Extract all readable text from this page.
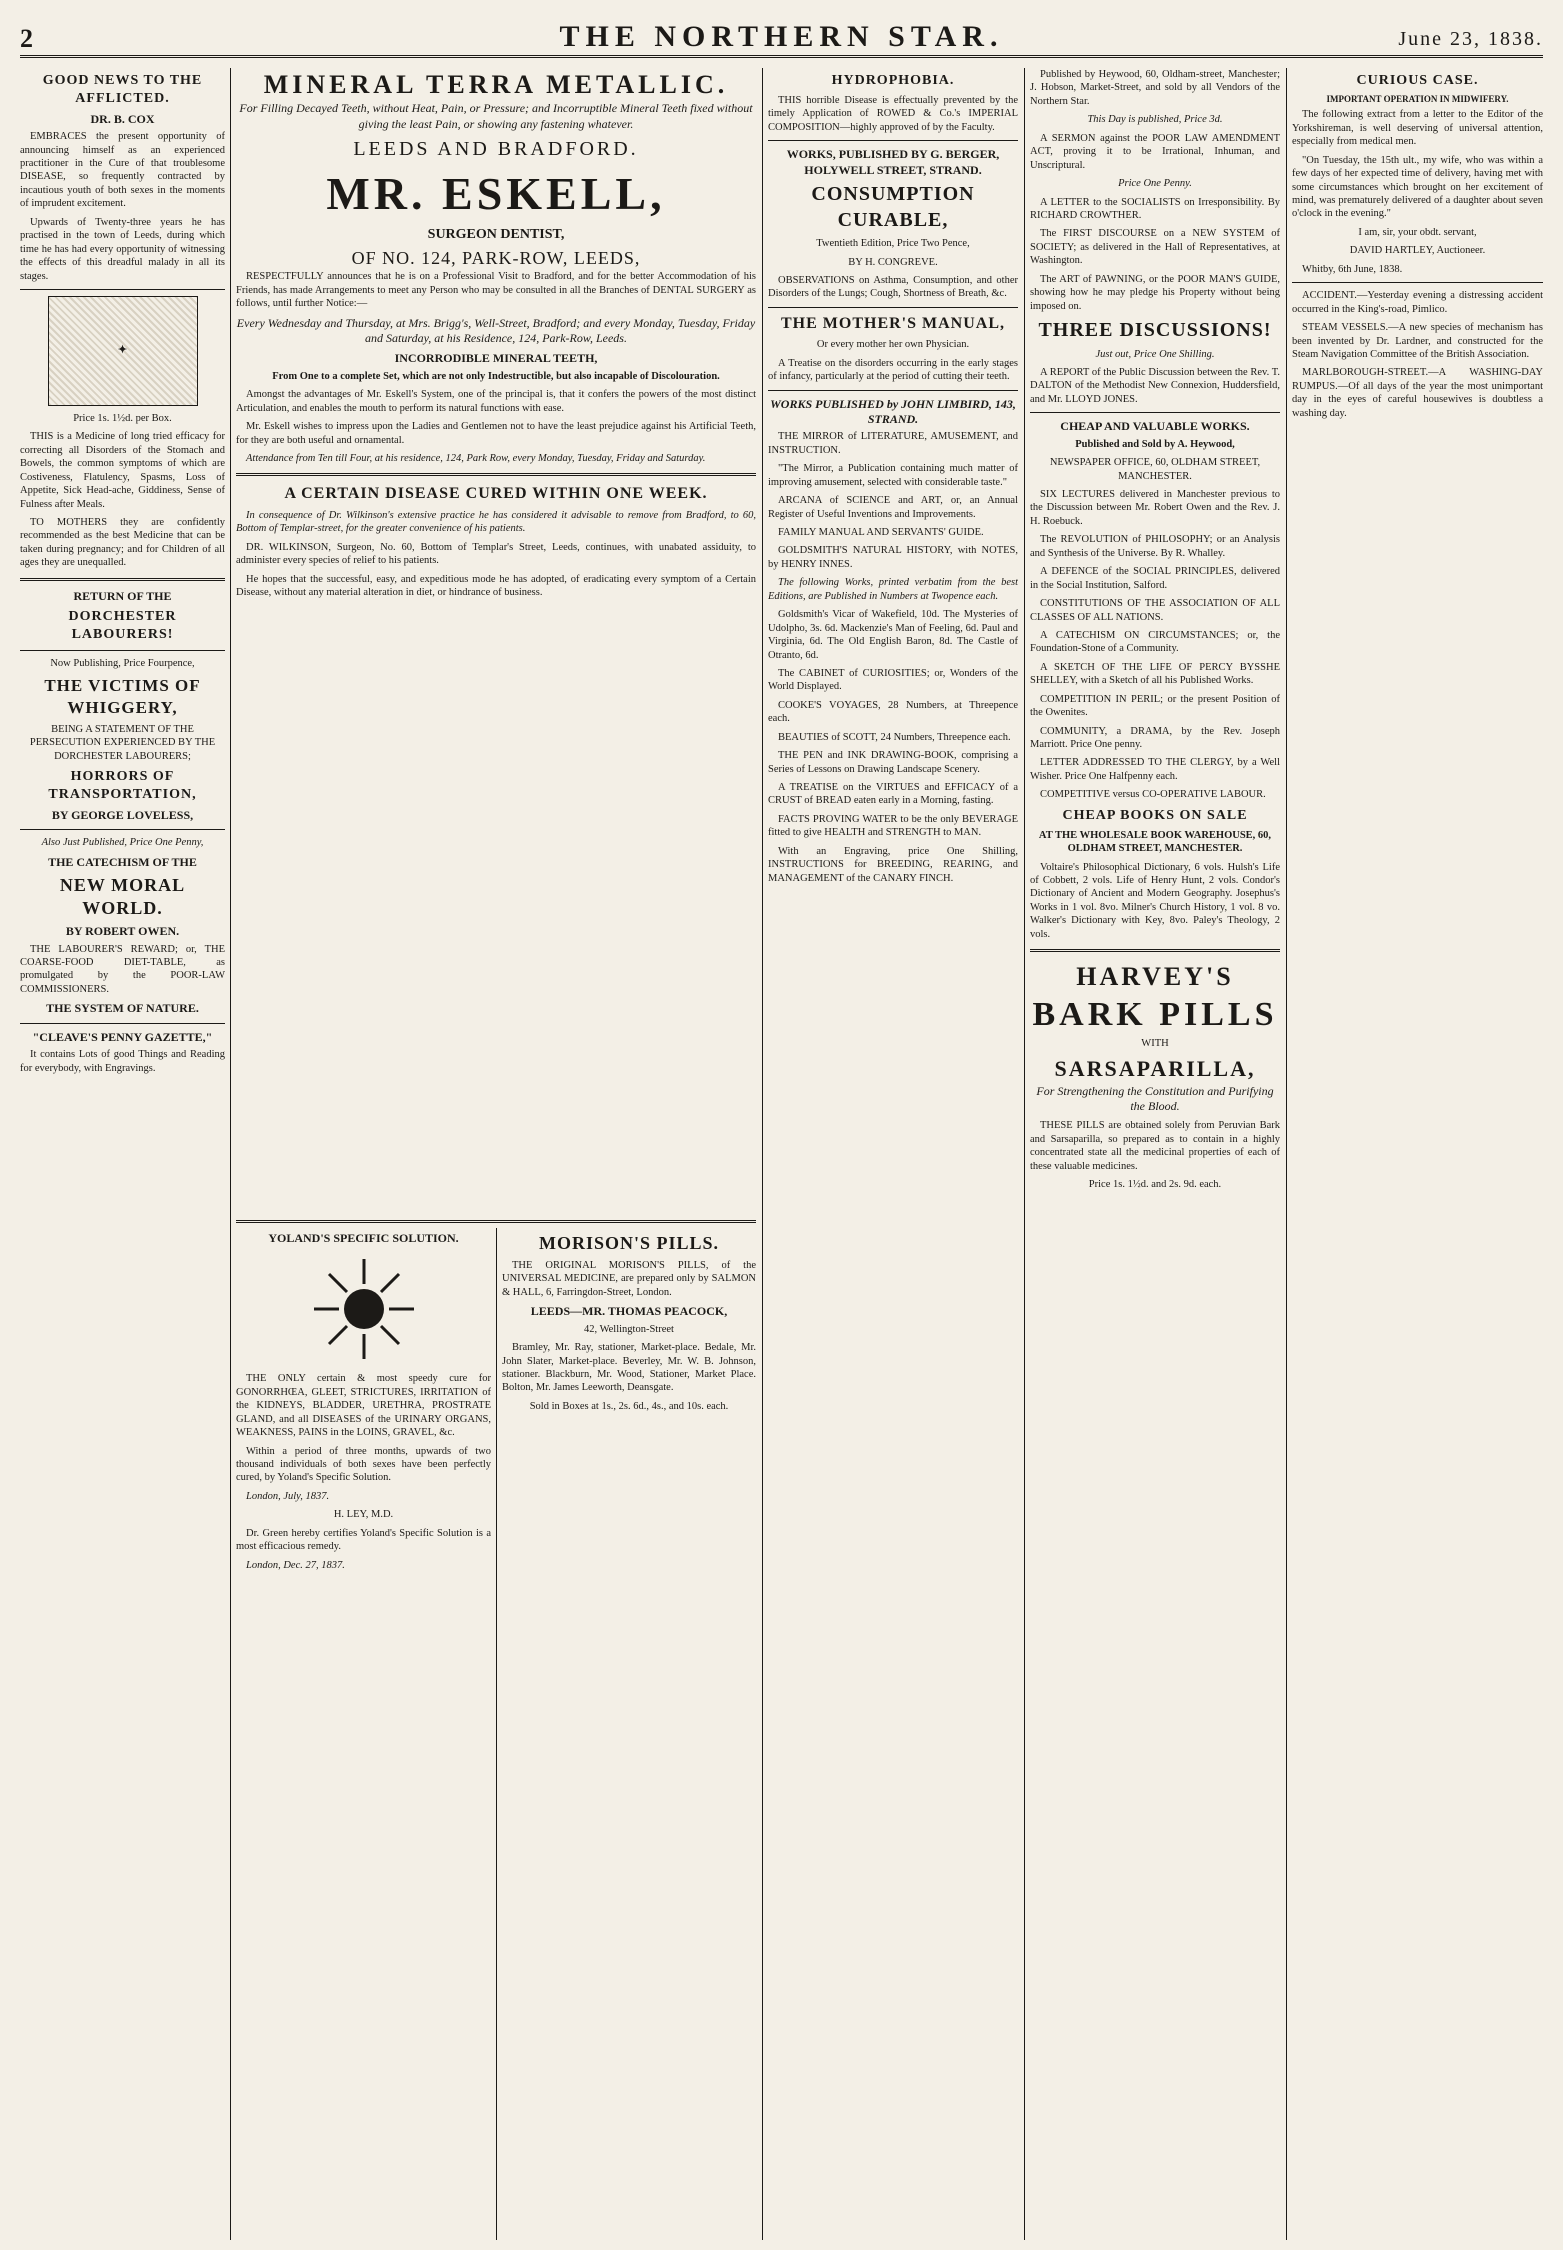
2	THE NORTHERN STAR.	June 23, 1838.
GOOD NEWS TO THE AFFLICTED.
DR. B. COX

EMBRACES the present opportunity of announcing himself as an experienced practitioner in the Cure of that troublesome DISEASE, so frequently contracted by incautious youth of both sexes in the moments of imprudent excitement.

Upwards of Twenty-three years he has practised in the town of Leeds, during which time he has had every opportunity of witnessing the effects of this dreadful malady in all its stages.

✦

Price 1s. 1½d. per Box.

THIS is a Medicine of long tried efficacy for correcting all Disorders of the Stomach and Bowels, the common symptoms of which are Costiveness, Flatulency, Spasms, Loss of Appetite, Sick Head-ache, Giddiness, Sense of Fulness after Meals.

TO MOTHERS they are confidently recommended as the best Medicine that can be taken during pregnancy; and for Children of all ages they are unequalled.

RETURN OF THE
DORCHESTER LABOURERS!

Now Publishing, Price Fourpence,

THE VICTIMS OF WHIGGERY,

BEING A STATEMENT OF THE PERSECUTION EXPERIENCED BY THE DORCHESTER LABOURERS;

HORRORS OF TRANSPORTATION,
BY GEORGE LOVELESS,

Also Just Published, Price One Penny,

THE CATECHISM OF THE
NEW MORAL WORLD.
BY ROBERT OWEN.

THE LABOURER'S REWARD; or, THE COARSE-FOOD DIET-TABLE, as promulgated by the POOR-LAW COMMISSIONERS.

THE SYSTEM OF NATURE.
"CLEAVE'S PENNY GAZETTE,"

It contains Lots of good Things and Reading for everybody, with Engravings.

MINERAL TERRA METALLIC.

For Filling Decayed Teeth, without Heat, Pain, or Pressure; and Incorruptible Mineral Teeth fixed without giving the least Pain, or showing any fastening whatever.

LEEDS AND BRADFORD.
MR. ESKELL,
SURGEON DENTIST,
OF NO. 124, PARK-ROW, LEEDS,

RESPECTFULLY announces that he is on a Professional Visit to Bradford, and for the better Accommodation of his Friends, has made Arrangements to meet any Person who may be consulted in all the Branches of DENTAL SURGERY as follows, until further Notice:—

Every Wednesday and Thursday, at Mrs. Brigg's, Well-Street, Bradford; and every Monday, Tuesday, Friday and Saturday, at his Residence, 124, Park-Row, Leeds.

INCORRODIBLE MINERAL TEETH,

From One to a complete Set, which are not only Indestructible, but also incapable of Discolouration.

Amongst the advantages of Mr. Eskell's System, one of the principal is, that it confers the powers of the most distinct Articulation, and enables the mouth to perform its natural functions with ease.

Mr. Eskell wishes to impress upon the Ladies and Gentlemen not to have the least prejudice against his Artificial Teeth, for they are both useful and ornamental.

Attendance from Ten till Four, at his residence, 124, Park Row, every Monday, Tuesday, Friday and Saturday.

A CERTAIN DISEASE CURED WITHIN ONE WEEK.

In consequence of Dr. Wilkinson's extensive practice he has considered it advisable to remove from Bradford, to 60, Bottom of Templar-street, for the greater convenience of his patients.

DR. WILKINSON, Surgeon, No. 60, Bottom of Templar's Street, Leeds, continues, with unabated assiduity, to administer every species of relief to his patients.

He hopes that the successful, easy, and expeditious mode he has adopted, of eradicating every symptom of a Certain Disease, without any material alteration in diet, or hindrance of business.

YOLAND'S SPECIFIC SOLUTION.

THE ONLY certain & most speedy cure for GONORRHŒA, GLEET, STRICTURES, IRRITATION of the KIDNEYS, BLADDER, URETHRA, PROSTRATE GLAND, and all DISEASES of the URINARY ORGANS, WEAKNESS, PAINS in the LOINS, GRAVEL, &c.

Within a period of three months, upwards of two thousand individuals of both sexes have been perfectly cured, by Yoland's Specific Solution.

London, July, 1837.

H. LEY, M.D.

Dr. Green hereby certifies Yoland's Specific Solution is a most efficacious remedy.

London, Dec. 27, 1837.

MORISON'S PILLS.

THE ORIGINAL MORISON'S PILLS, of the UNIVERSAL MEDICINE, are prepared only by SALMON & HALL, 6, Farringdon-Street, London.

LEEDS—MR. THOMAS PEACOCK,

42, Wellington-Street

Bramley, Mr. Ray, stationer, Market-place. Bedale, Mr. John Slater, Market-place. Beverley, Mr. W. B. Johnson, stationer. Blackburn, Mr. Wood, Stationer, Market Place. Bolton, Mr. James Leeworth, Deansgate.

Sold in Boxes at 1s., 2s. 6d., 4s., and 10s. each.

HYDROPHOBIA.

THIS horrible Disease is effectually prevented by the timely Application of ROWED & Co.'s IMPERIAL COMPOSITION—highly approved of by the Faculty.

WORKS, PUBLISHED BY G. BERGER, HOLYWELL STREET, STRAND.
CONSUMPTION CURABLE,

Twentieth Edition, Price Two Pence,

BY H. CONGREVE.

OBSERVATIONS on Asthma, Consumption, and other Disorders of the Lungs; Cough, Shortness of Breath, &c.

THE MOTHER'S MANUAL,

Or every mother her own Physician.

A Treatise on the disorders occurring in the early stages of infancy, particularly at the period of cutting their teeth.

WORKS PUBLISHED by JOHN LIMBIRD, 143, STRAND.

THE MIRROR of LITERATURE, AMUSEMENT, and INSTRUCTION.

"The Mirror, a Publication containing much matter of improving amusement, selected with considerable taste."

ARCANA of SCIENCE and ART, or, an Annual Register of Useful Inventions and Improvements.

FAMILY MANUAL AND SERVANTS' GUIDE.

GOLDSMITH'S NATURAL HISTORY, with NOTES, by HENRY INNES.

The following Works, printed verbatim from the best Editions, are Published in Numbers at Twopence each.

Goldsmith's Vicar of Wakefield, 10d. The Mysteries of Udolpho, 3s. 6d. Mackenzie's Man of Feeling, 6d. Paul and Virginia, 6d. The Old English Baron, 8d. The Castle of Otranto, 6d.

The CABINET of CURIOSITIES; or, Wonders of the World Displayed.

COOKE'S VOYAGES, 28 Numbers, at Threepence each.

BEAUTIES of SCOTT, 24 Numbers, Threepence each.

THE PEN and INK DRAWING-BOOK, comprising a Series of Lessons on Drawing Landscape Scenery.

A TREATISE on the VIRTUES and EFFICACY of a CRUST of BREAD eaten early in a Morning, fasting.

FACTS PROVING WATER to be the only BEVERAGE fitted to give HEALTH and STRENGTH to MAN.

With an Engraving, price One Shilling, INSTRUCTIONS for BREEDING, REARING, and MANAGEMENT of the CANARY FINCH.

Published by Heywood, 60, Oldham-street, Manchester; J. Hobson, Market-Street, and sold by all Vendors of the Northern Star.

This Day is published, Price 3d.

A SERMON against the POOR LAW AMENDMENT ACT, proving it to be Irrational, Inhuman, and Unscriptural.

Price One Penny.

A LETTER to the SOCIALISTS on Irresponsibility. By RICHARD CROWTHER.

The FIRST DISCOURSE on a NEW SYSTEM of SOCIETY; as delivered in the Hall of Representatives, at Washington.

The ART of PAWNING, or the POOR MAN'S GUIDE, showing how he may pledge his Property without being imposed on.

THREE DISCUSSIONS!

Just out, Price One Shilling.

A REPORT of the Public Discussion between the Rev. T. DALTON of the Methodist New Connexion, Huddersfield, and Mr. LLOYD JONES.

CHEAP AND VALUABLE WORKS.

Published and Sold by A. Heywood,

NEWSPAPER OFFICE, 60, OLDHAM STREET, MANCHESTER.

SIX LECTURES delivered in Manchester previous to the Discussion between Mr. Robert Owen and the Rev. J. H. Roebuck.

The REVOLUTION of PHILOSOPHY; or an Analysis and Synthesis of the Universe. By R. Whalley.

A DEFENCE of the SOCIAL PRINCIPLES, delivered in the Social Institution, Salford.

CONSTITUTIONS OF THE ASSOCIATION OF ALL CLASSES OF ALL NATIONS.

A CATECHISM ON CIRCUMSTANCES; or, the Foundation-Stone of a Community.

A SKETCH OF THE LIFE OF PERCY BYSSHE SHELLEY, with a Sketch of all his Published Works.

COMPETITION IN PERIL; or the present Position of the Owenites.

COMMUNITY, a DRAMA, by the Rev. Joseph Marriott. Price One penny.

LETTER ADDRESSED TO THE CLERGY, by a Well Wisher. Price One Halfpenny each.

COMPETITIVE versus CO-OPERATIVE LABOUR.

CHEAP BOOKS ON SALE

AT THE WHOLESALE BOOK WAREHOUSE, 60, OLDHAM STREET, MANCHESTER.

Voltaire's Philosophical Dictionary, 6 vols. Hulsh's Life of Cobbett, 2 vols. Life of Henry Hunt, 2 vols. Condor's Dictionary of Ancient and Modern Geography. Josephus's Works in 1 vol. 8vo. Milner's Church History, 1 vol. 8 vo. Walker's Dictionary with Key, 8vo. Paley's Theology, 2 vols.

HARVEY'S
BARK PILLS

WITH

SARSAPARILLA,

For Strengthening the Constitution and Purifying the Blood.

THESE PILLS are obtained solely from Peruvian Bark and Sarsaparilla, so prepared as to contain in a highly concentrated state all the medicinal properties of each of these valuable medicines.

Price 1s. 1½d. and 2s. 9d. each.

CURIOUS CASE.
IMPORTANT OPERATION IN MIDWIFERY.

The following extract from a letter to the Editor of the Yorkshireman, is well deserving of universal attention, especially from medical men.

"On Tuesday, the 15th ult., my wife, who was within a few days of her expected time of delivery, having met with some circumstances which brought on her excitement of mind, was prematurely delivered of a daughter about seven o'clock in the evening."

I am, sir, your obdt. servant,

DAVID HARTLEY, Auctioneer.

Whitby, 6th June, 1838.

ACCIDENT.—Yesterday evening a distressing accident occurred in the King's-road, Pimlico.

STEAM VESSELS.—A new species of mechanism has been invented by Dr. Lardner, and constructed for the Steam Navigation Committee of the British Association.

MARLBOROUGH-STREET.—A WASHING-DAY RUMPUS.—Of all days of the year the most unimportant day in the eyes of careful housewives is doubtless a washing day.
